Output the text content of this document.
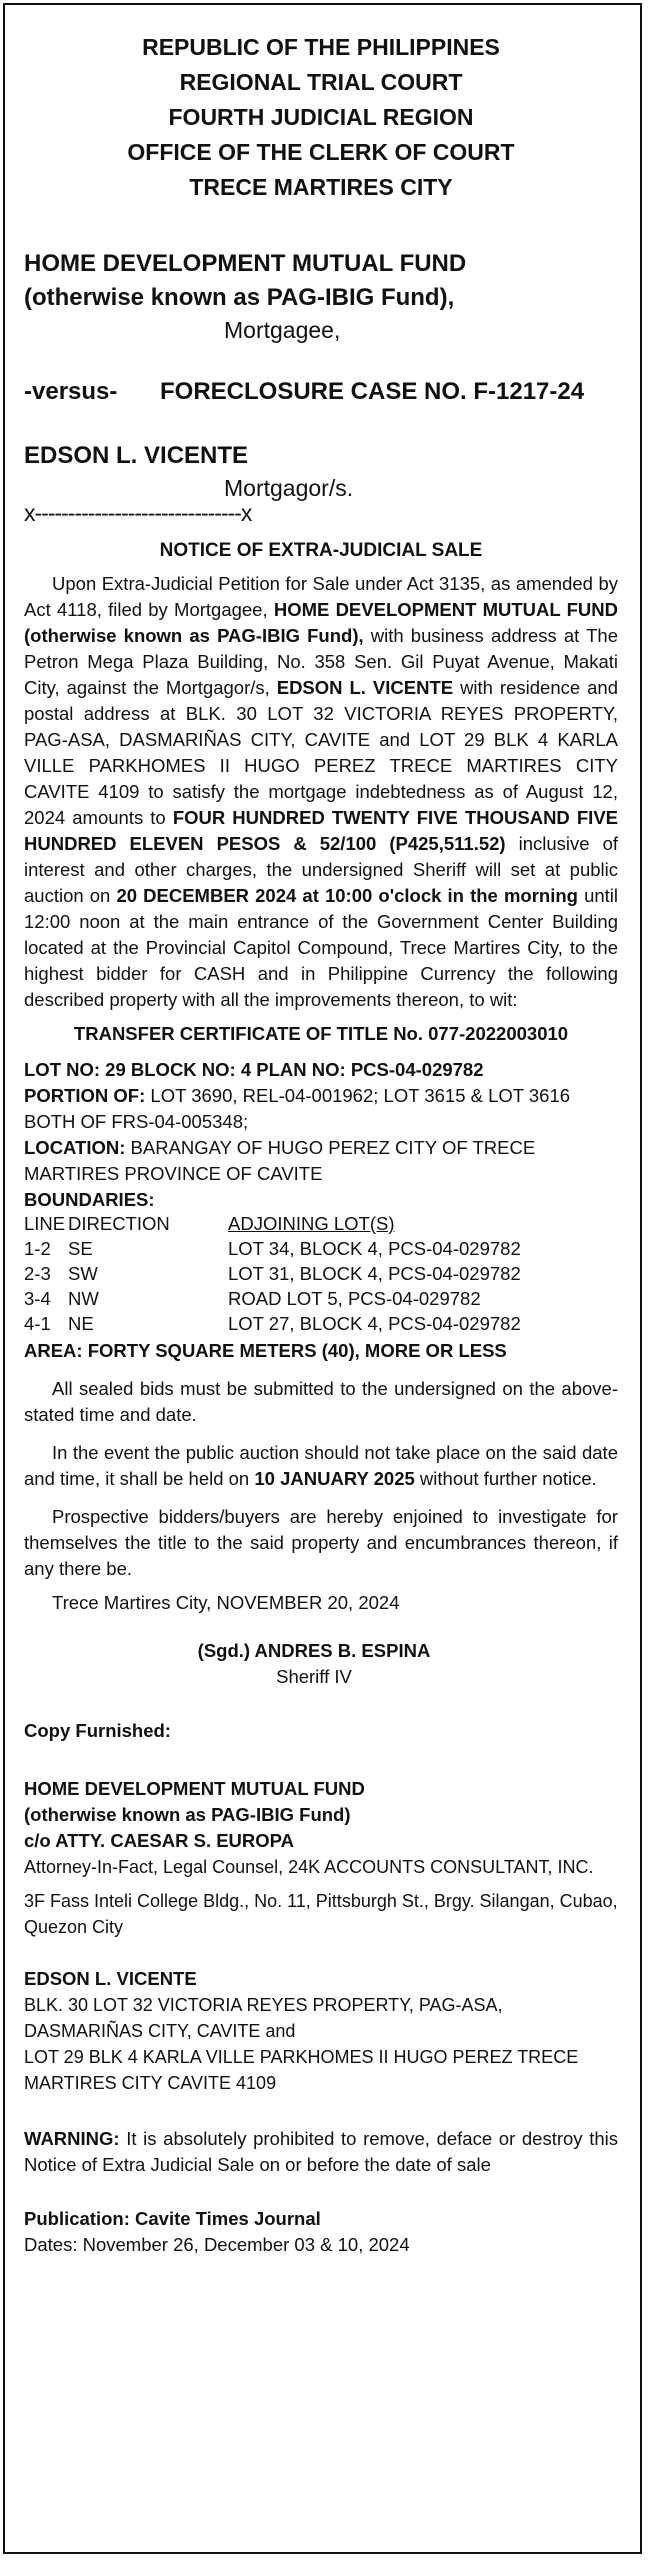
REPUBLIC OF THE PHILIPPINES
REGIONAL TRIAL COURT
FOURTH JUDICIAL REGION
OFFICE OF THE CLERK OF COURT
TRECE MARTIRES CITY
HOME DEVELOPMENT MUTUAL FUND
(otherwise known as PAG-IBIG Fund),
Mortgagee,
-versus-	FORECLOSURE CASE NO. F-1217-24
EDSON L. VICENTE
Mortgagor/s.
x-------------------------------x
NOTICE OF EXTRA-JUDICIAL SALE

Upon Extra-Judicial Petition for Sale under Act 3135, as amended by Act 4118, filed by Mortgagee, HOME DEVELOPMENT MUTUAL FUND (otherwise known as PAG-IBIG Fund), with business address at The Petron Mega Plaza Building, No. 358 Sen. Gil Puyat Avenue, Makati City, against the Mortgagor/s, EDSON L. VICENTE with residence and postal address at BLK. 30 LOT 32 VICTORIA REYES PROPERTY, PAG-ASA, DASMARIÑAS CITY, CAVITE and LOT 29 BLK 4 KARLA VILLE PARKHOMES II HUGO PEREZ TRECE MARTIRES CITY CAVITE 4109 to satisfy the mortgage indebtedness as of August 12, 2024 amounts to FOUR HUNDRED TWENTY FIVE THOUSAND FIVE HUNDRED ELEVEN PESOS & 52/100 (P425,511.52) inclusive of interest and other charges, the undersigned Sheriff will set at public auction on 20 DECEMBER 2024 at 10:00 o'clock in the morning until 12:00 noon at the main entrance of the Government Center Building located at the Provincial Capitol Compound, Trece Martires City, to the highest bidder for CASH and in Philippine Currency the following described property with all the improvements thereon, to wit:

TRANSFER CERTIFICATE OF TITLE No. 077-2022003010
LOT NO: 29 BLOCK NO: 4 PLAN NO: PCS-04-029782
PORTION OF: LOT 3690, REL-04-001962; LOT 3615 & LOT 3616 BOTH OF FRS-04-005348;
LOCATION: BARANGAY OF HUGO PEREZ CITY OF TRECE MARTIRES PROVINCE OF CAVITE
BOUNDARIES:
LINE	DIRECTION	ADJOINING LOT(S)
1-2	SE	LOT 34, BLOCK 4, PCS-04-029782
2-3	SW	LOT 31, BLOCK 4, PCS-04-029782
3-4	NW	ROAD LOT 5, PCS-04-029782
4-1	NE	LOT 27, BLOCK 4, PCS-04-029782
AREA: FORTY SQUARE METERS (40), MORE OR LESS

All sealed bids must be submitted to the undersigned on the above-stated time and date.

In the event the public auction should not take place on the said date and time, it shall be held on 10 JANUARY 2025 without further notice.

Prospective bidders/buyers are hereby enjoined to investigate for themselves the title to the said property and encumbrances thereon, if any there be.

Trece Martires City, NOVEMBER 20, 2024
(Sgd.) ANDRES B. ESPINA
Sheriff IV
Copy Furnished:
HOME DEVELOPMENT MUTUAL FUND
(otherwise known as PAG-IBIG Fund)
c/o ATTY. CAESAR S. EUROPA
Attorney-In-Fact, Legal Counsel, 24K ACCOUNTS CONSULTANT, INC.
3F Fass Inteli College Bldg., No. 11, Pittsburgh St., Brgy. Silangan, Cubao, Quezon City
EDSON L. VICENTE
BLK. 30 LOT 32 VICTORIA REYES PROPERTY, PAG-ASA, DASMARIÑAS CITY, CAVITE and
LOT 29 BLK 4 KARLA VILLE PARKHOMES II HUGO PEREZ TRECE MARTIRES CITY CAVITE 4109

WARNING: It is absolutely prohibited to remove, deface or destroy this Notice of Extra Judicial Sale on or before the date of sale

Publication: Cavite Times Journal
Dates: November 26, December 03 & 10, 2024
